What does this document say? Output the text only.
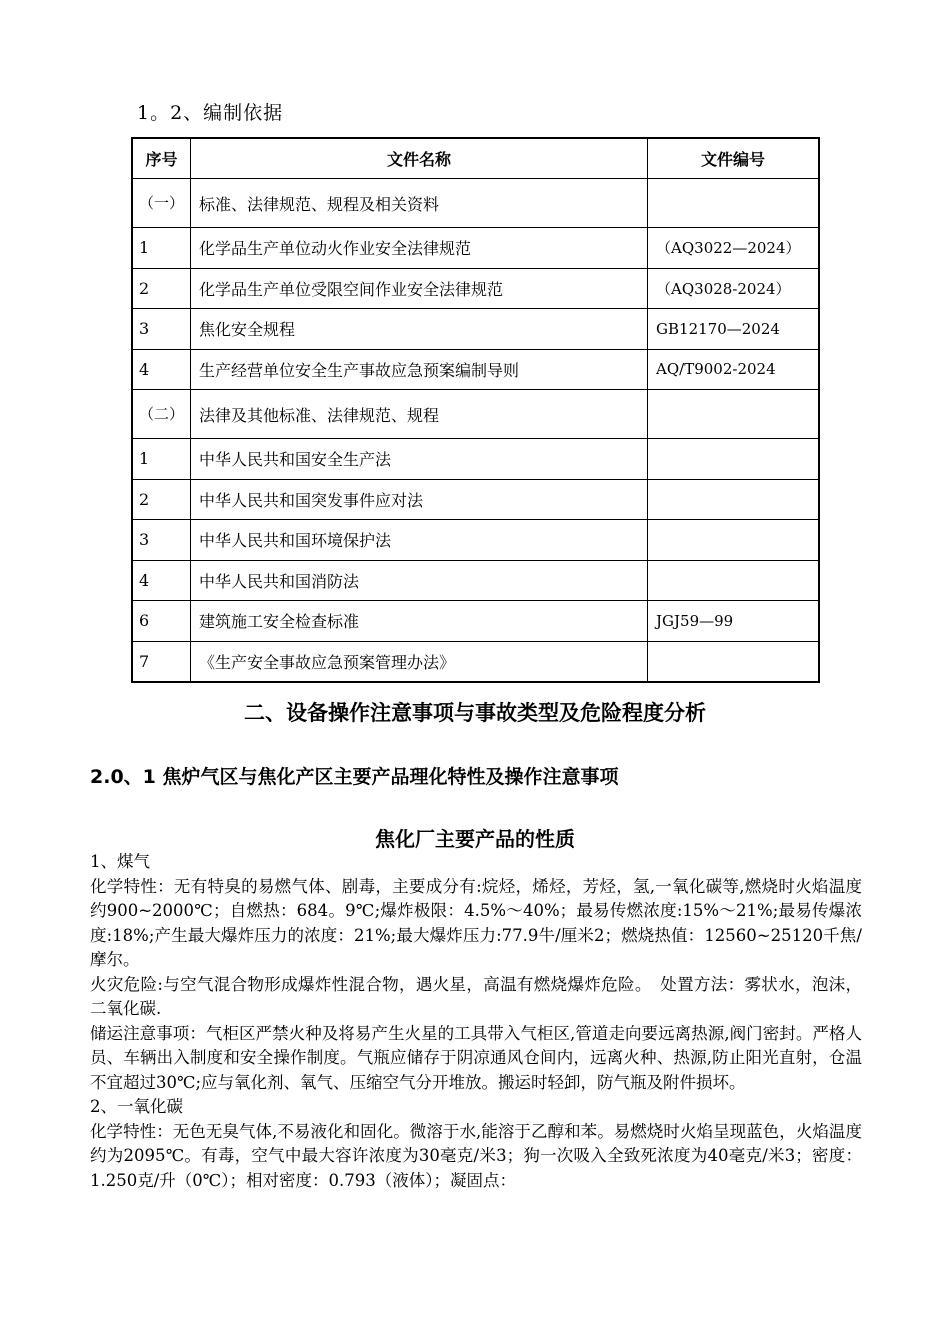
1。2、编制依据
序号	文件名称	文件编号
（一）	标准、法律规范、规程及相关资料	
1	化学品生产单位动火作业安全法律规范	（AQ3022—2024）
2	化学品生产单位受限空间作业安全法律规范	（AQ3028-2024）
3	焦化安全规程	GB12170—2024
4	生产经营单位安全生产事故应急预案编制导则	AQ/T9002-2024
（二）	法律及其他标准、法律规范、规程	
1	中华人民共和国安全生产法	
2	中华人民共和国突发事件应对法	
3	中华人民共和国环境保护法	
4	中华人民共和国消防法	
6	建筑施工安全检查标准	JGJ59—99
7	《生产安全事故应急预案管理办法》	
二、设备操作注意事项与事故类型及危险程度分析
2.0、1 焦炉气区与焦化产区主要产品理化特性及操作注意事项
焦化厂主要产品的性质

1、煤气

化学特性：无有特臭的易燃气体、剧毒，主要成分有:烷烃，烯烃，芳烃，氢,一氧化碳等,燃烧时火焰温度约900~2000℃；自燃热：684。9℃;爆炸极限：4.5%～40%；最易传燃浓度:15%～21%;最易传爆浓度:18%;产生最大爆炸压力的浓度：21%;最大爆炸压力:77.9牛/厘米2；燃烧热值：12560~25120千焦/摩尔。

火灾危险:与空气混合物形成爆炸性混合物，遇火星，高温有燃烧爆炸危险。　处置方法：雾状水，泡沫，二氧化碳.

储运注意事项：气柜区严禁火种及将易产生火星的工具带入气柜区,管道走向要远离热源,阀门密封。严格人员、车辆出入制度和安全操作制度。气瓶应储存于阴凉通风仓间内，远离火种、热源,防止阳光直射，仓温不宜超过30℃;应与氧化剂、氧气、压缩空气分开堆放。搬运时轻卸，防气瓶及附件损坏。

2、一氧化碳

化学特性：无色无臭气体,不易液化和固化。微溶于水,能溶于乙醇和苯。易燃烧时火焰呈现蓝色，火焰温度约为2095℃。有毒，空气中最大容许浓度为30毫克/米3；狗一次吸入全致死浓度为40毫克/米3；密度：1.250克/升（0℃）；相对密度：0.793（液体）；凝固点：
